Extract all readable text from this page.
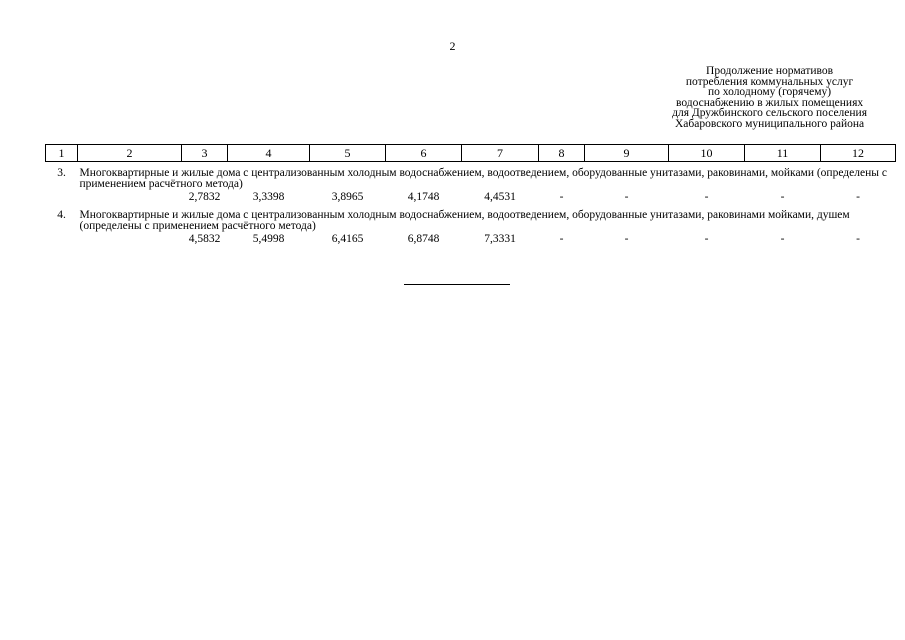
2
Продолжение нормативов
потребления коммунальных услуг
по холодному (горячему)
водоснабжению в жилых помещениях
для Дружбинского сельского поселения
Хабаровского муниципального района
1	2	3	4	5	6	7	8	9	10	11	12
3.	Многоквартирные и жилые дома с централизованным холодным водоснабжением, водоотведением, оборудованные унитазами, раковинами, мойками (определены с применением расчётного метода)										
		2,7832	3,3398	3,8965	4,1748	4,4531	-	-	-	-	-
4.	Многоквартирные и жилые дома с централизованным холодным водоснабжением, водоотведением, оборудованные унитазами, раковинами мойками, душем (определены с применением расчётного метода)										
		4,5832	5,4998	6,4165	6,8748	7,3331	-	-	-	-	-
